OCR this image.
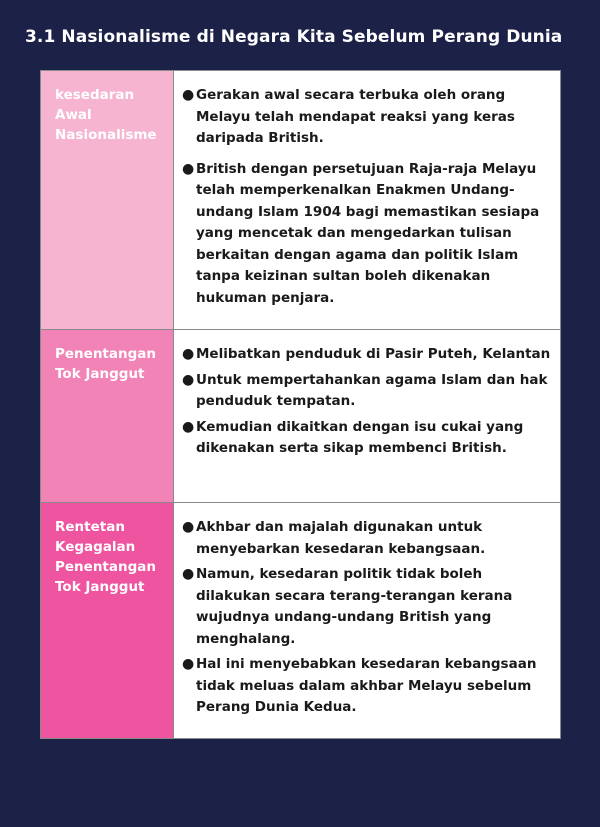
3.1 Nasionalisme di Negara Kita Sebelum Perang Dunia
kesedaran
Awal
Nasionalisme
● Gerakan awal secara terbuka oleh orang Melayu telah mendapat reaksi yang keras daripada British.
● British dengan persetujuan Raja-raja Melayu telah memperkenalkan Enakmen Undang-undang Islam 1904 bagi memastikan sesiapa yang mencetak dan mengedarkan tulisan berkaitan dengan agama dan politik Islam tanpa keizinan sultan boleh dikenakan hukuman penjara.
Penentangan
Tok Janggut
● Melibatkan penduduk di Pasir Puteh, Kelantan
● Untuk mempertahankan agama Islam dan hak penduduk tempatan.
● Kemudian dikaitkan dengan isu cukai yang dikenakan serta sikap membenci British.
Rentetan
Kegagalan
Penentangan
Tok Janggut
● Akhbar dan majalah digunakan untuk menyebarkan kesedaran kebangsaan.
● Namun, kesedaran politik tidak boleh dilakukan secara terang-terangan kerana wujudnya undang-undang British yang menghalang.
● Hal ini menyebabkan kesedaran kebangsaan tidak meluas dalam akhbar Melayu sebelum Perang Dunia Kedua.
